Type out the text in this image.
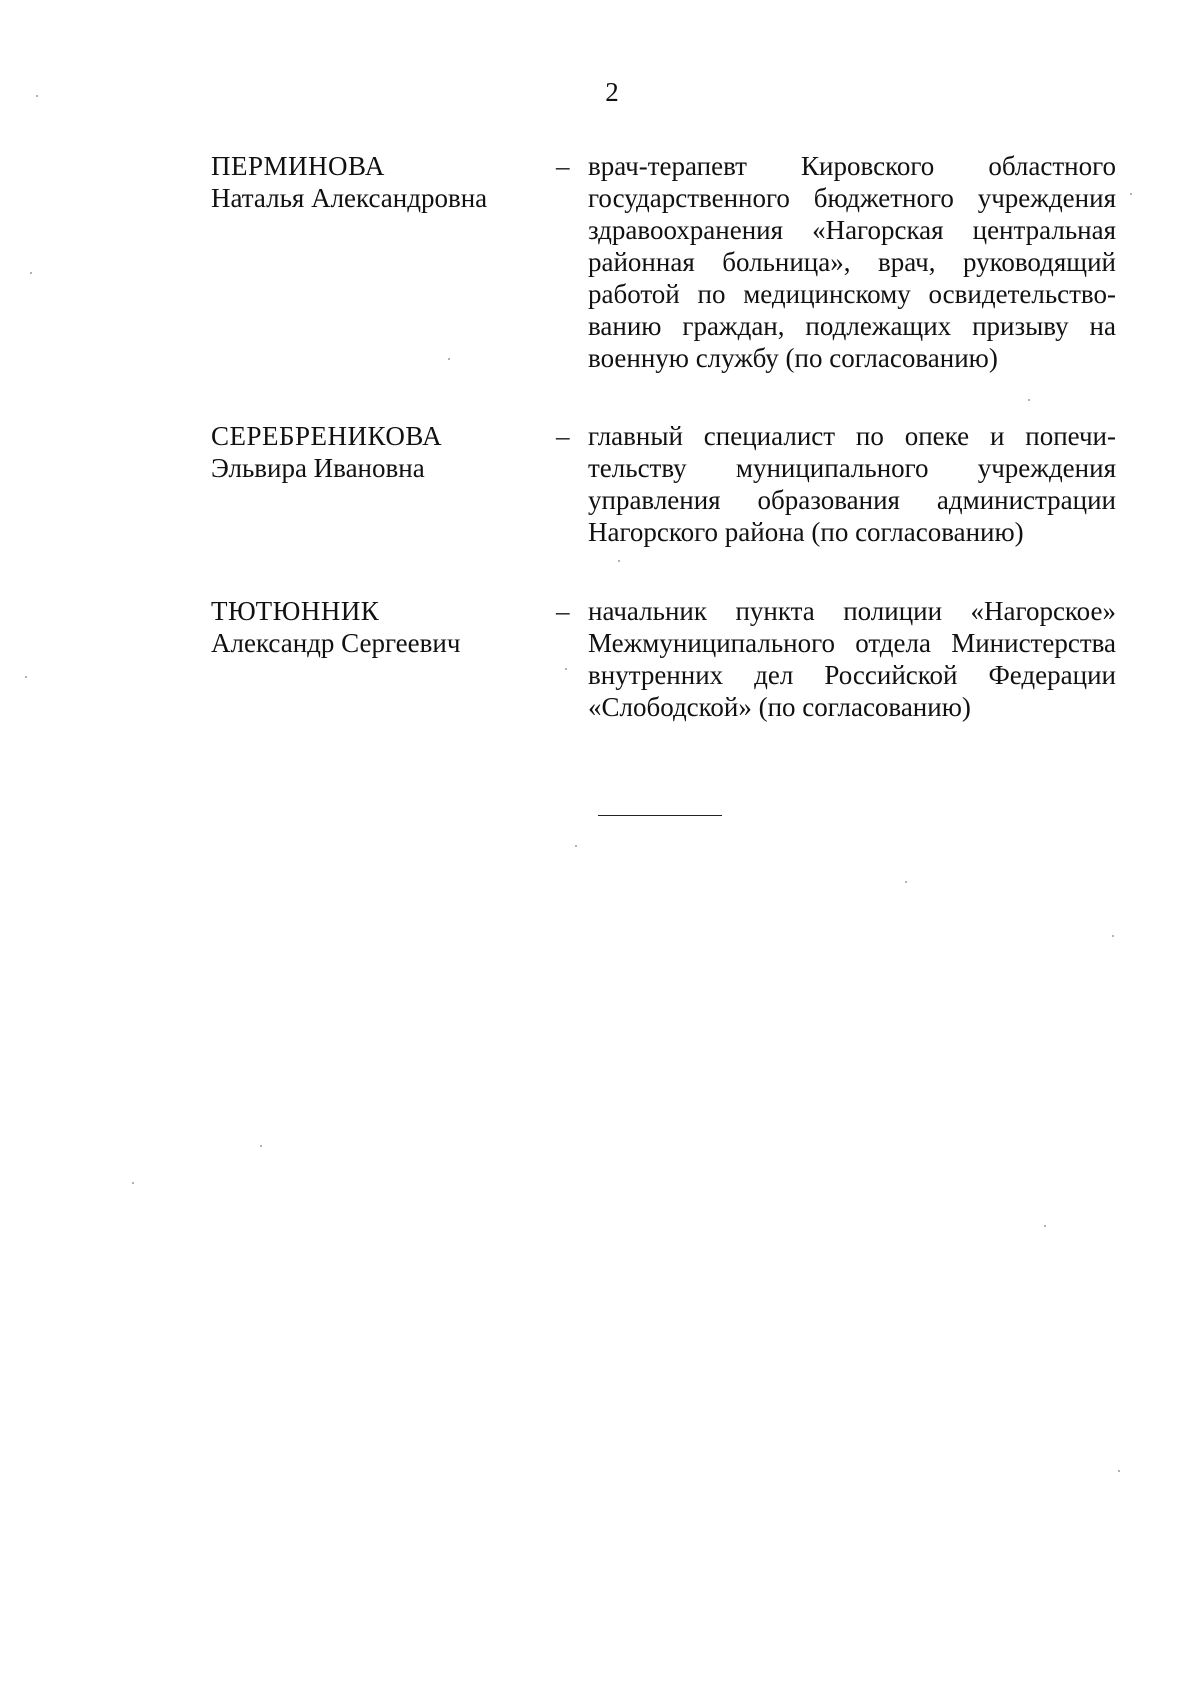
2
ПЕРМИНОВА
Наталья Александровна
– врач-терапевт Кировского областного
государственного бюджетного учреждения
здравоохранения «Нагорская центральная
районная больница», врач, руководящий
работой по медицинскому освидетельство-
ванию граждан, подлежащих призыву на
военную службу (по согласованию)
СЕРЕБРЕНИКОВА
Эльвира Ивановна
– главный специалист по опеке и попечи-
тельству муниципального учреждения
управления образования администрации
Нагорского района (по согласованию)
ТЮТЮННИК
Александр Сергеевич
– начальник пункта полиции «Нагорское»
Межмуниципального отдела Министерства
внутренних дел Российской Федерации
«Слободской» (по согласованию)
